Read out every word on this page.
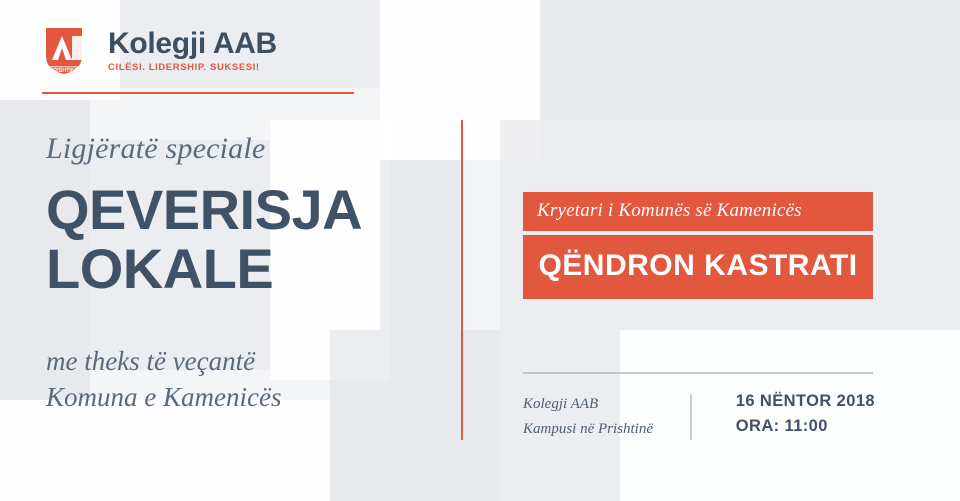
PRISHTINË
Kolegji AAB
CILËSI. LIDERSHIP. SUKSESI!

Ligjëratë speciale

QEVERISJA
LOKALE

me theks të veçantë
Komuna e Kamenicës

Kryetari i Komunës së Kamenicës
QËNDRON KASTRATI
Kolegji AAB
Kampusi në Prishtinë
16 NËNTOR 2018
ORA: 11:00
